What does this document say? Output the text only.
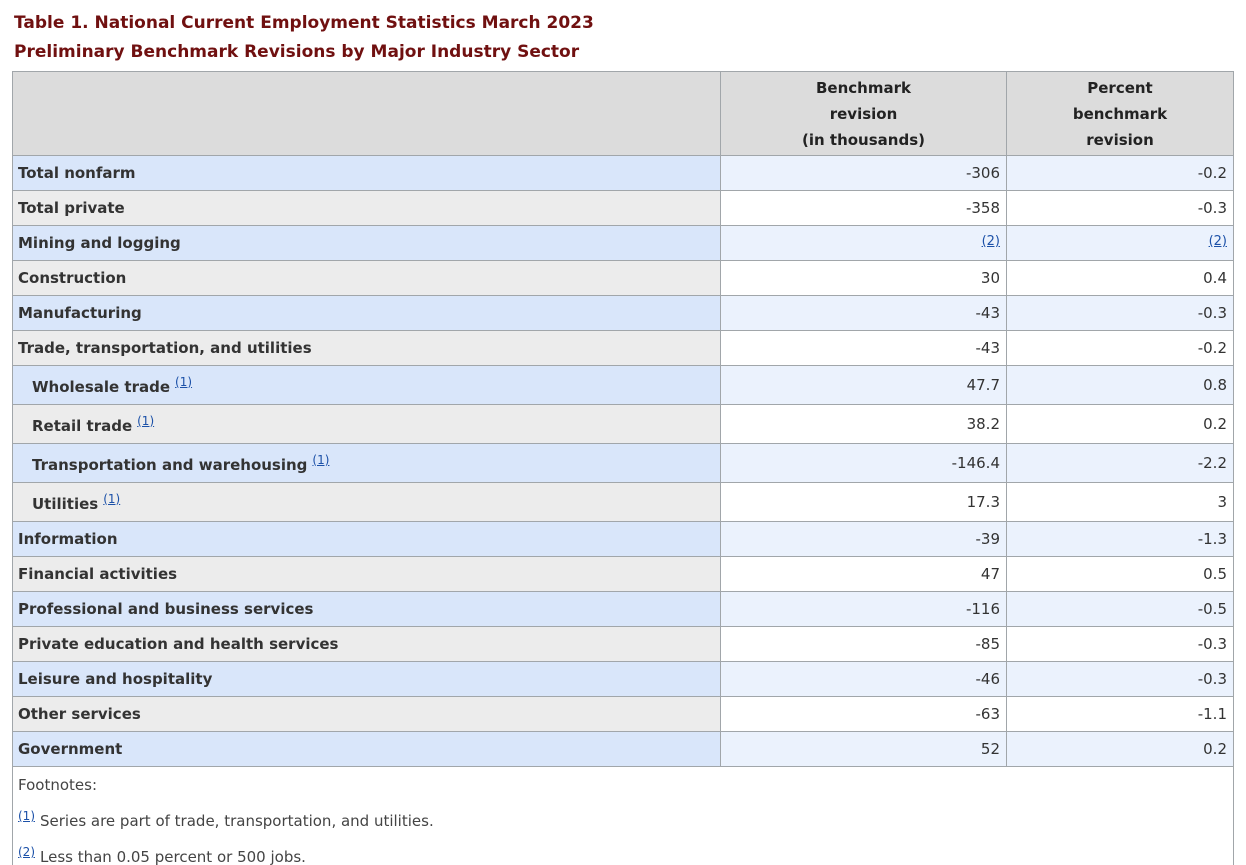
Table 1. National Current Employment Statistics March 2023
Preliminary Benchmark Revisions by Major Industry Sector
	Benchmark
revision
(in thousands)	Percent
benchmark
revision
Total nonfarm	-306	-0.2
Total private	-358	-0.3
Mining and logging	(2)	(2)
Construction	30	0.4
Manufacturing	-43	-0.3
Trade, transportation, and utilities	-43	-0.2
Wholesale trade $^{(1)}$	47.7	0.8
Retail trade $^{(1)}$	38.2	0.2
Transportation and warehousing $^{(1)}$	-146.4	-2.2
Utilities $^{(1)}$	17.3	3
Information	-39	-1.3
Financial activities	47	0.5
Professional and business services	-116	-0.5
Private education and health services	-85	-0.3
Leisure and hospitality	-46	-0.3
Other services	-63	-1.1
Government	52	0.2

Footnotes:
$^{(1)}$ Series are part of trade, transportation, and utilities.
$^{(2)}$ Less than 0.05 percent or 500 jobs.		
